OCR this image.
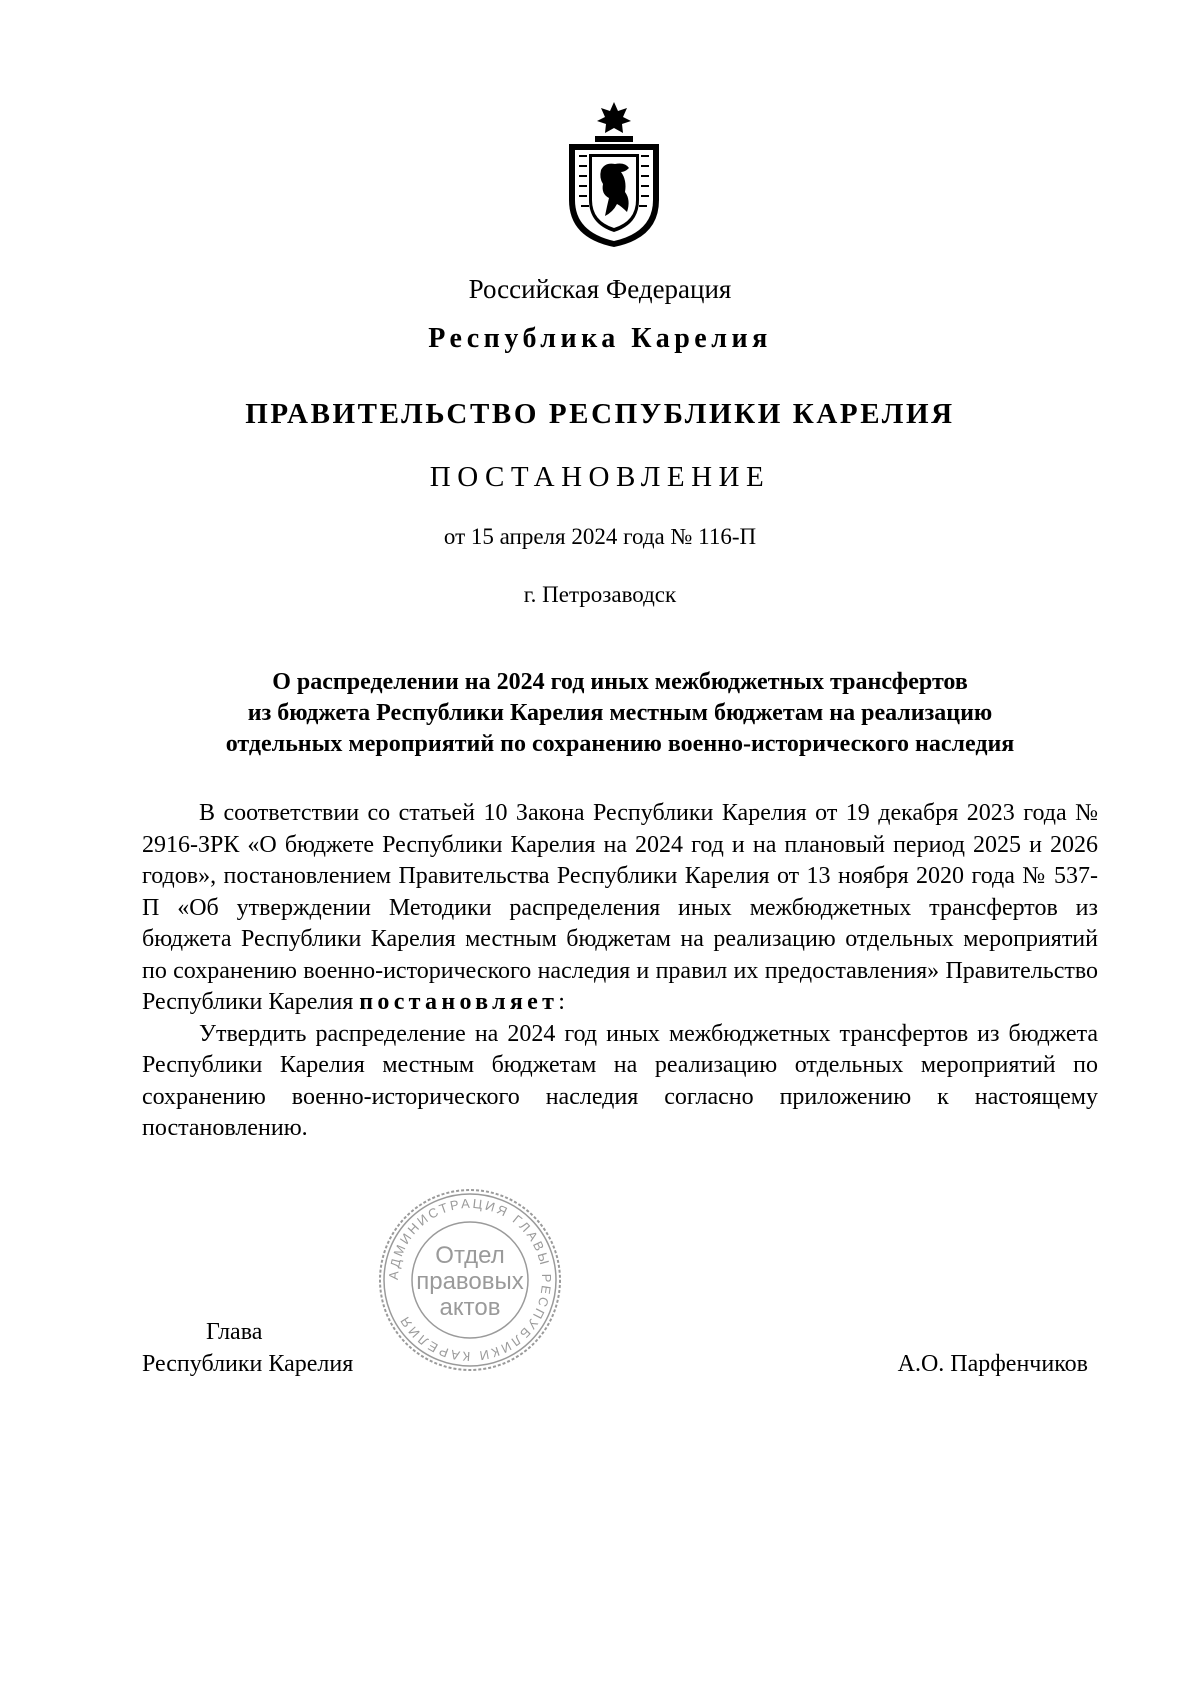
Российская Федерация
Республика Карелия
ПРАВИТЕЛЬСТВО РЕСПУБЛИКИ КАРЕЛИЯ
ПОСТАНОВЛЕНИЕ
от 15 апреля 2024 года № 116-П
г. Петрозаводск
О распределении на 2024 год иных межбюджетных трансфертов
из бюджета Республики Карелия местным бюджетам на реализацию
отдельных мероприятий по сохранению военно-исторического наследия

В соответствии со статьей 10 Закона Республики Карелия от 19 декабря 2023 года № 2916-ЗРК «О бюджете Республики Карелия на 2024 год и на плановый период 2025 и 2026 годов», постановлением Правительства Республики Карелия от 13 ноября 2020 года № 537-П «Об утверждении Методики распределения иных межбюджетных трансфертов из бюджета Республики Карелия местным бюджетам на реализацию отдельных мероприятий по сохранению военно-исторического наследия и правил их предоставления» Правительство Республики Карелия постановляет:

Утвердить распределение на 2024 год иных межбюджетных трансфертов из бюджета Республики Карелия местным бюджетам на реализацию отдельных мероприятий по сохранению военно-исторического наследия согласно приложению к настоящему постановлению.

АДМИНИСТРАЦИЯ ГЛАВЫ РЕСПУБЛИКИ КАРЕЛИЯ
Отдел
правовых
актов
Глава
Республики Карелия	А.О. Парфенчиков
